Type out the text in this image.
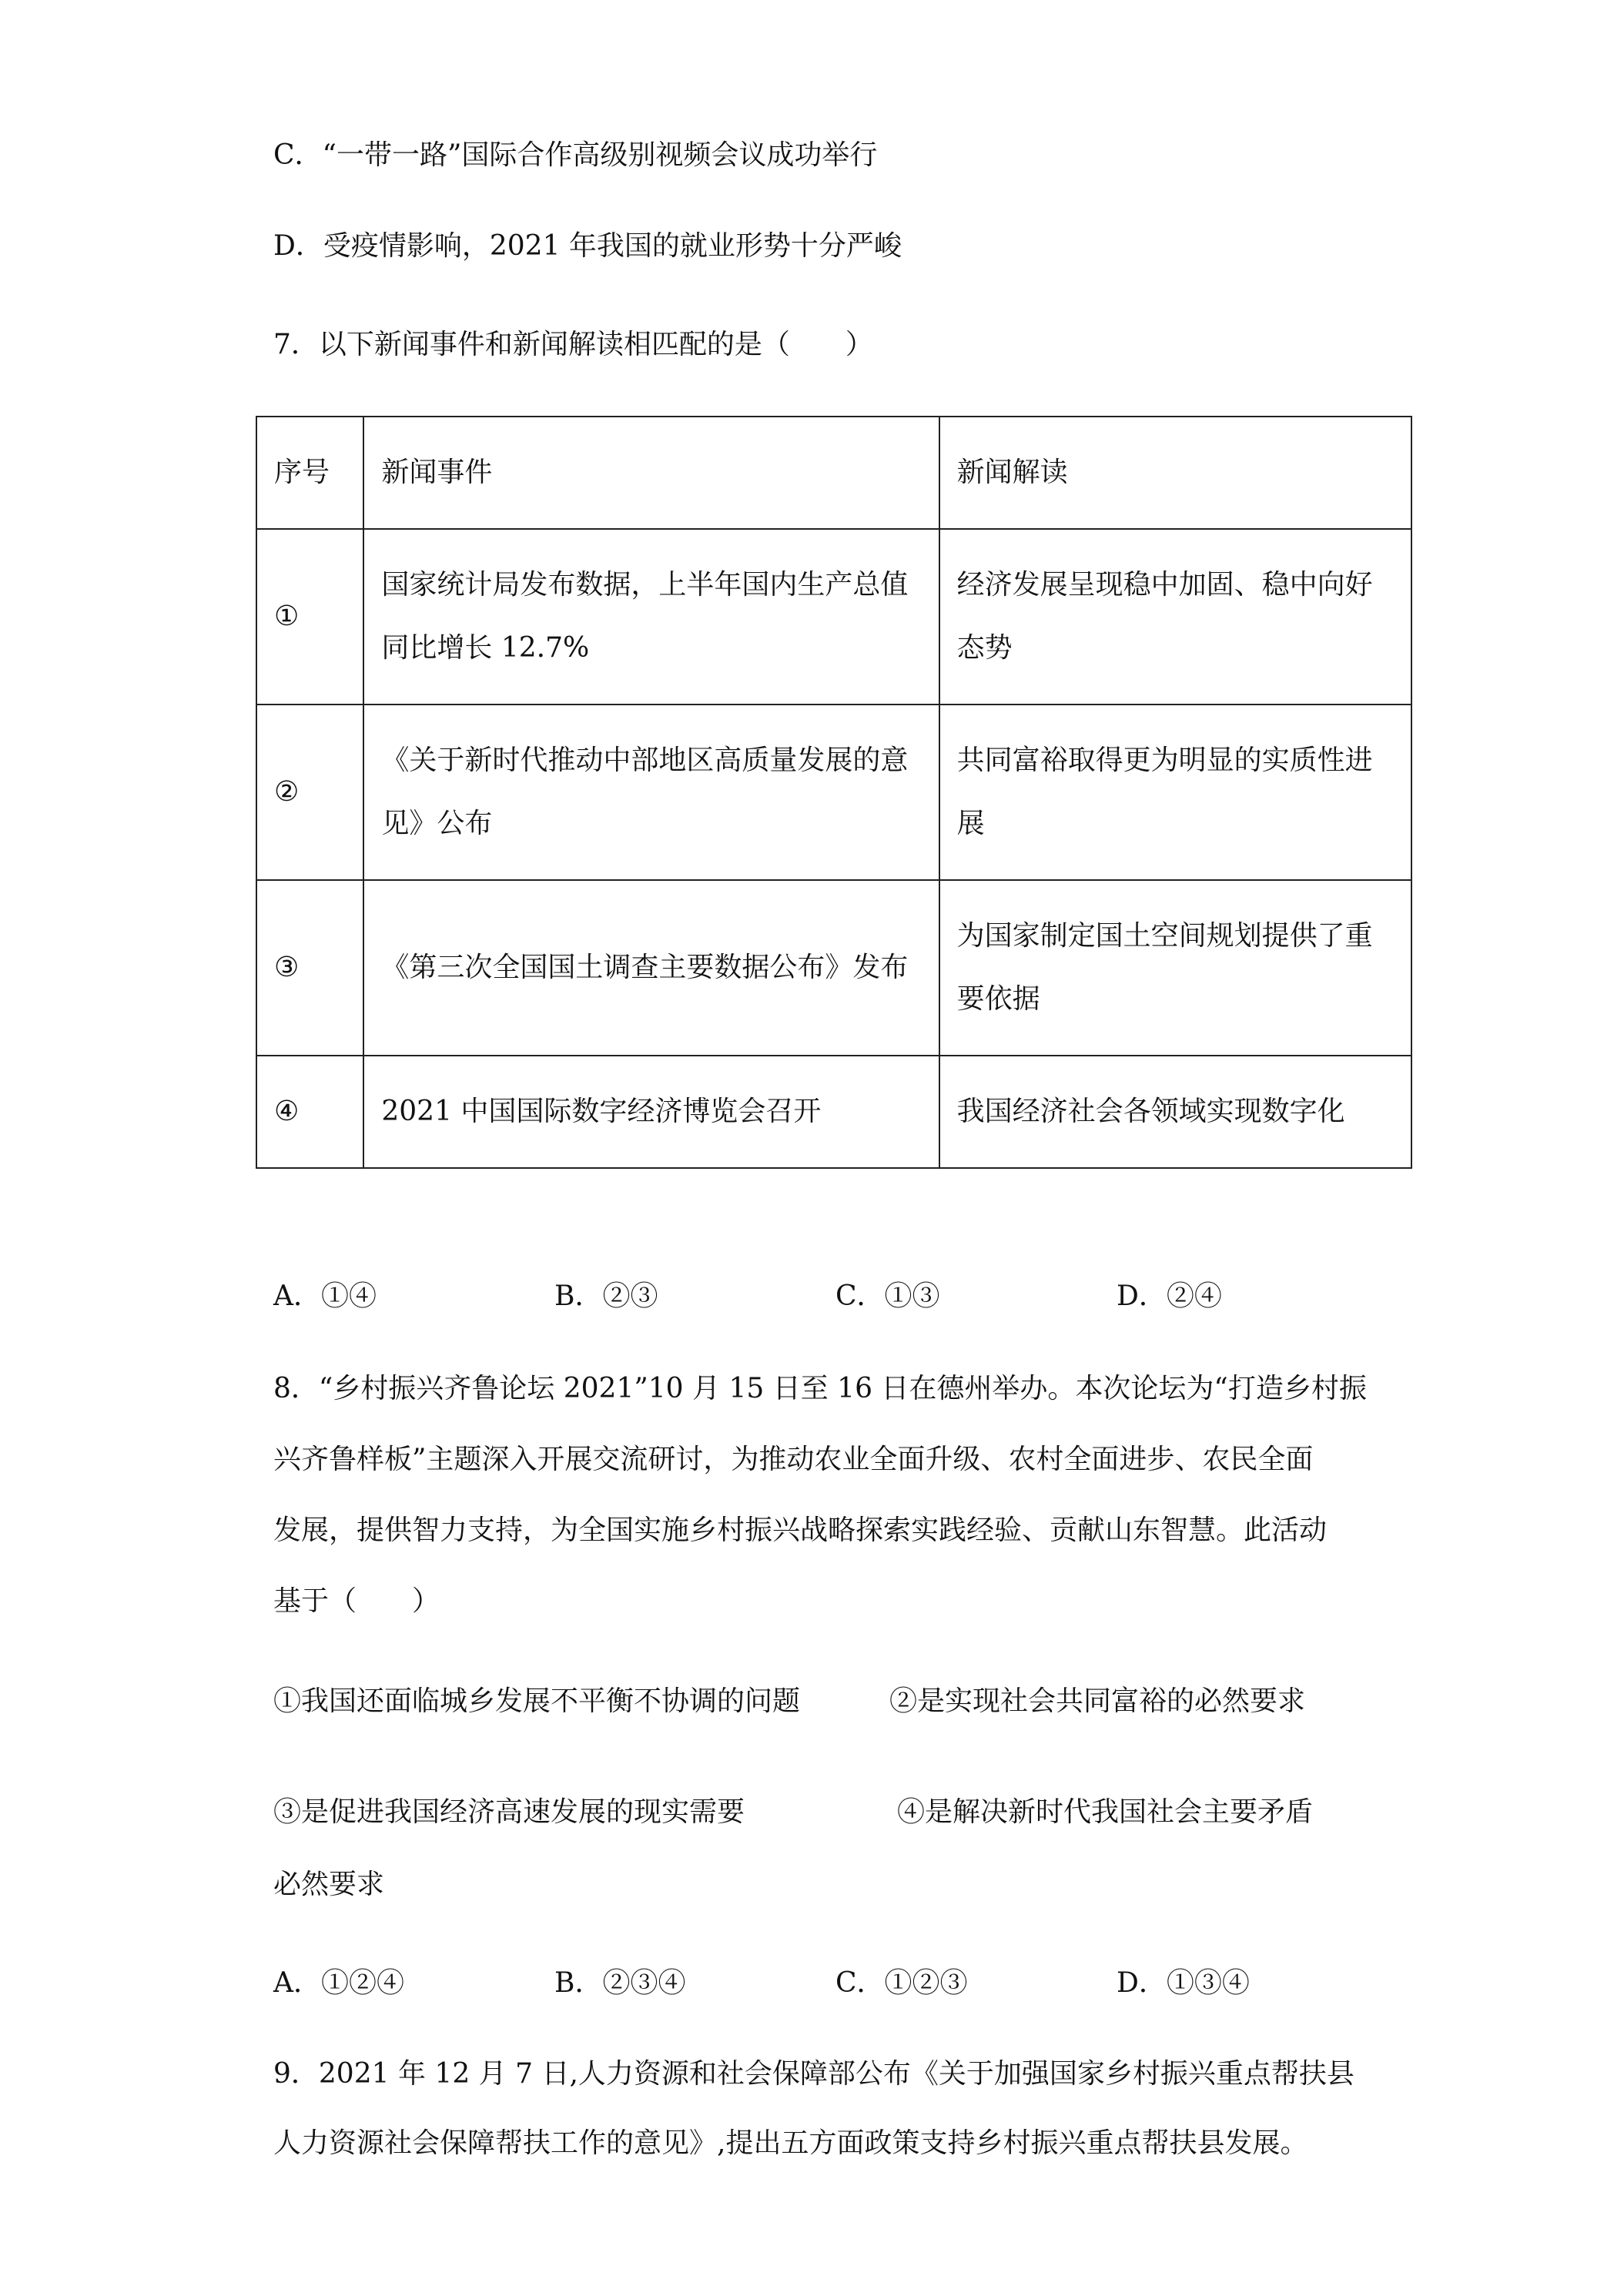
C．“一带一路”国际合作高级别视频会议成功举行
D．受疫情影响，2021 年我国的就业形势十分严峻
7．以下新闻事件和新闻解读相匹配的是（　　）
序号	新闻事件	新闻解读
①	国家统计局发布数据，上半年国内生产总值同比增长 12.7%	经济发展呈现稳中加固、稳中向好态势
②	《关于新时代推动中部地区高质量发展的意见》公布	共同富裕取得更为明显的实质性进展
③	《第三次全国国土调查主要数据公布》发布	为国家制定国土空间规划提供了重要依据
④	2021 中国国际数字经济博览会召开	我国经济社会各领域实现数字化
A．①④	B．②③	C．①③	D．②④
8．“乡村振兴齐鲁论坛 2021”10 月 15 日至 16 日在德州举办。本次论坛为“打造乡村振
兴齐鲁样板”主题深入开展交流研讨，为推动农业全面升级、农村全面进步、农民全面
发展，提供智力支持，为全国实施乡村振兴战略探索实践经验、贡献山东智慧。此活动
基于（　　）
①我国还面临城乡发展不平衡不协调的问题	②是实现社会共同富裕的必然要求
③是促进我国经济高速发展的现实需要	④是解决新时代我国社会主要矛盾
必然要求
A．①②④	B．②③④	C．①②③	D．①③④
9．2021 年 12 月 7 日,人力资源和社会保障部公布《关于加强国家乡村振兴重点帮扶县
人力资源社会保障帮扶工作的意见》,提出五方面政策支持乡村振兴重点帮扶县发展。
